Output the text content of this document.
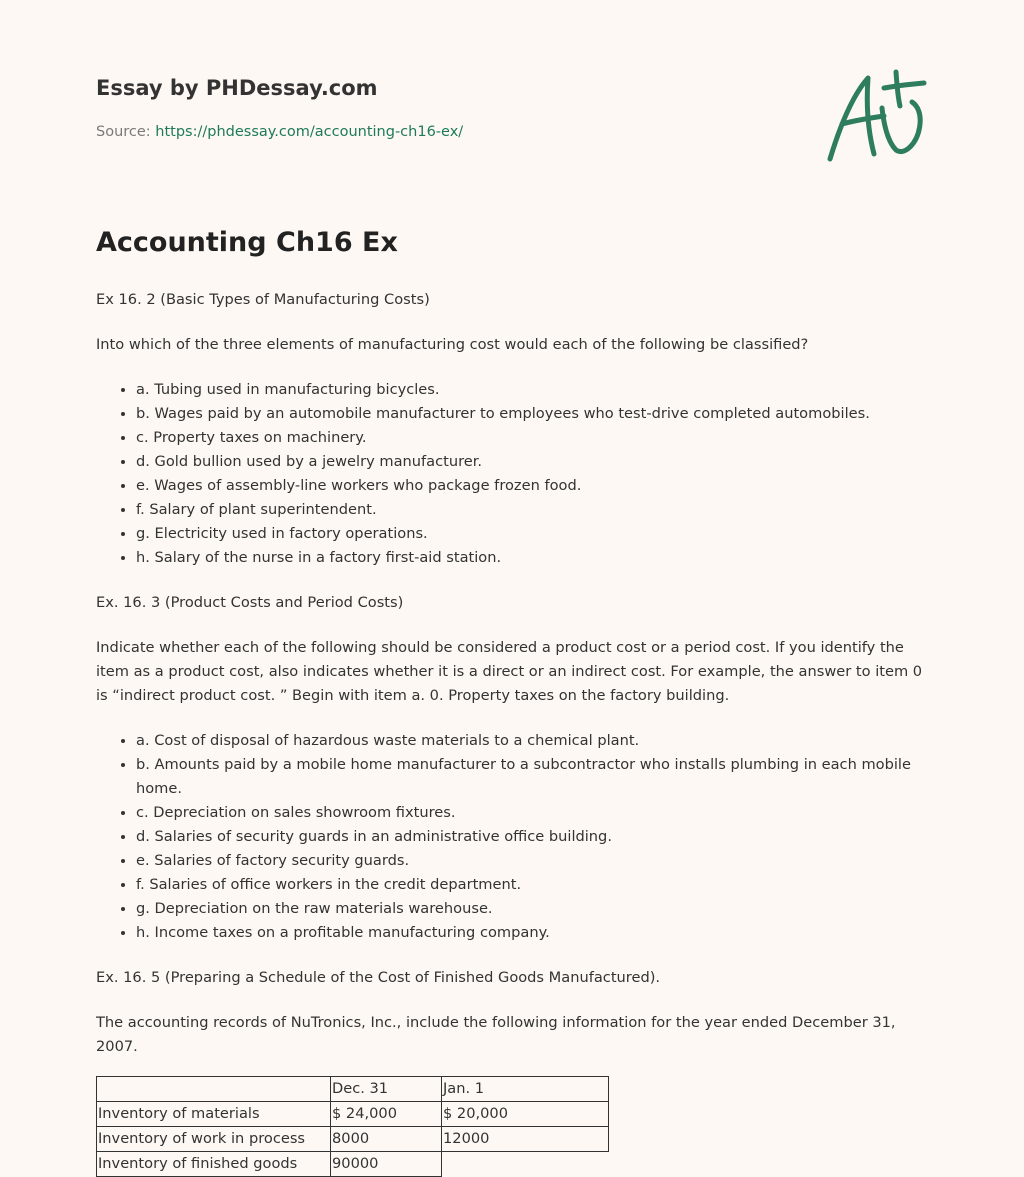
Essay by PHDessay.com
Source: https://phdessay.com/accounting-ch16-ex/
Accounting Ch16 Ex

Ex 16. 2 (Basic Types of Manufacturing Costs)

Into which of the three elements of manufacturing cost would each of the following be classified?

• a. Tubing used in manufacturing bicycles.
• b. Wages paid by an automobile manufacturer to employees who test-drive completed automobiles.
• c. Property taxes on machinery.
• d. Gold bullion used by a jewelry manufacturer.
• e. Wages of assembly-line workers who package frozen food.
• f. Salary of plant superintendent.
• g. Electricity used in factory operations.
• h. Salary of the nurse in a factory first-aid station.

Ex. 16. 3 (Product Costs and Period Costs)

Indicate whether each of the following should be considered a product cost or a period cost. If you identify the item as a product cost, also indicates whether it is a direct or an indirect cost. For example, the answer to item 0 is “indirect product cost. ” Begin with item a. 0. Property taxes on the factory building.

• a. Cost of disposal of hazardous waste materials to a chemical plant.
• b. Amounts paid by a mobile home manufacturer to a subcontractor who installs plumbing in each mobile home.
• c. Depreciation on sales showroom fixtures.
• d. Salaries of security guards in an administrative office building.
• e. Salaries of factory security guards.
• f. Salaries of office workers in the credit department.
• g. Depreciation on the raw materials warehouse.
• h. Income taxes on a profitable manufacturing company.

Ex. 16. 5 (Preparing a Schedule of the Cost of Finished Goods Manufactured).

The accounting records of NuTronics, Inc., include the following information for the year ended December 31, 2007.

	Dec. 31	Jan. 1
Inventory of materials	$ 24,000	$ 20,000
Inventory of work in process	8000	12000
Inventory of finished goods	90000	
